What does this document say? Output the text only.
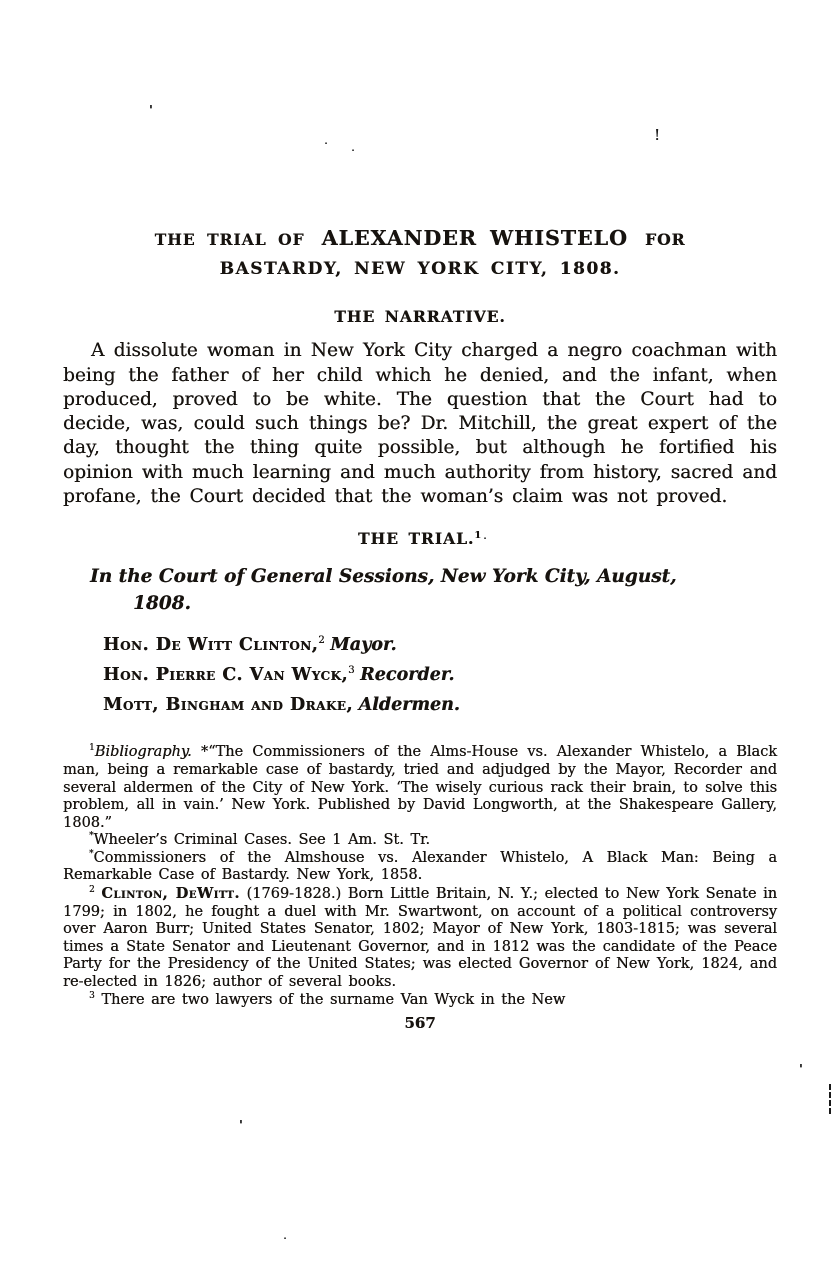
THE TRIAL OF ALEXANDER WHISTELO FOR
BASTARDY, NEW YORK CITY, 1808.
THE NARRATIVE.

A dissolute woman in New York City charged a negro coachman with being the father of her child which he denied, and the infant, when produced, proved to be white. The question that the Court had to decide, was, could such things be? Dr. Mitchill, the great expert of the day, thought the thing quite possible, but although he fortified his opinion with much learning and much authority from history, sacred and profane, the Court decided that the woman’s claim was not proved.

THE TRIAL.$^1$

In the Court of General Sessions, New York City, August,
1808.

Hon. De Witt Clinton,$^2$ Mayor.
Hon. Pierre C. Van Wyck,$^3$ Recorder.
Mott, Bingham and Drake, Aldermen.

$^1$Bibliography. *“The Commissioners of the Alms-House vs. Alexander Whistelo, a Black man, being a remarkable case of bastardy, tried and adjudged by the Mayor, Recorder and several aldermen of the City of New York. ‘The wisely curious rack their brain, to solve this problem, all in vain.’ New York. Published by David Longworth, at the Shakespeare Gallery, 1808.”

*Wheeler’s Criminal Cases. See 1 Am. St. Tr.

*Commissioners of the Almshouse vs. Alexander Whistelo, A Black Man: Being a Remarkable Case of Bastardy. New York, 1858.

$^2$ Clinton, DeWitt. (1769-1828.) Born Little Britain, N. Y.; elected to New York Senate in 1799; in 1802, he fought a duel with Mr. Swartwont, on account of a political controversy over Aaron Burr; United States Senator, 1802; Mayor of New York, 1803-1815; was several times a State Senator and Lieutenant Governor, and in 1812 was the candidate of the Peace Party for the Presidency of the United States; was elected Governor of New York, 1824, and re-elected in 1826; author of several books.

$^3$ There are two lawyers of the surname Van Wyck in the New

567
'
. .
!
.
'
'
.
